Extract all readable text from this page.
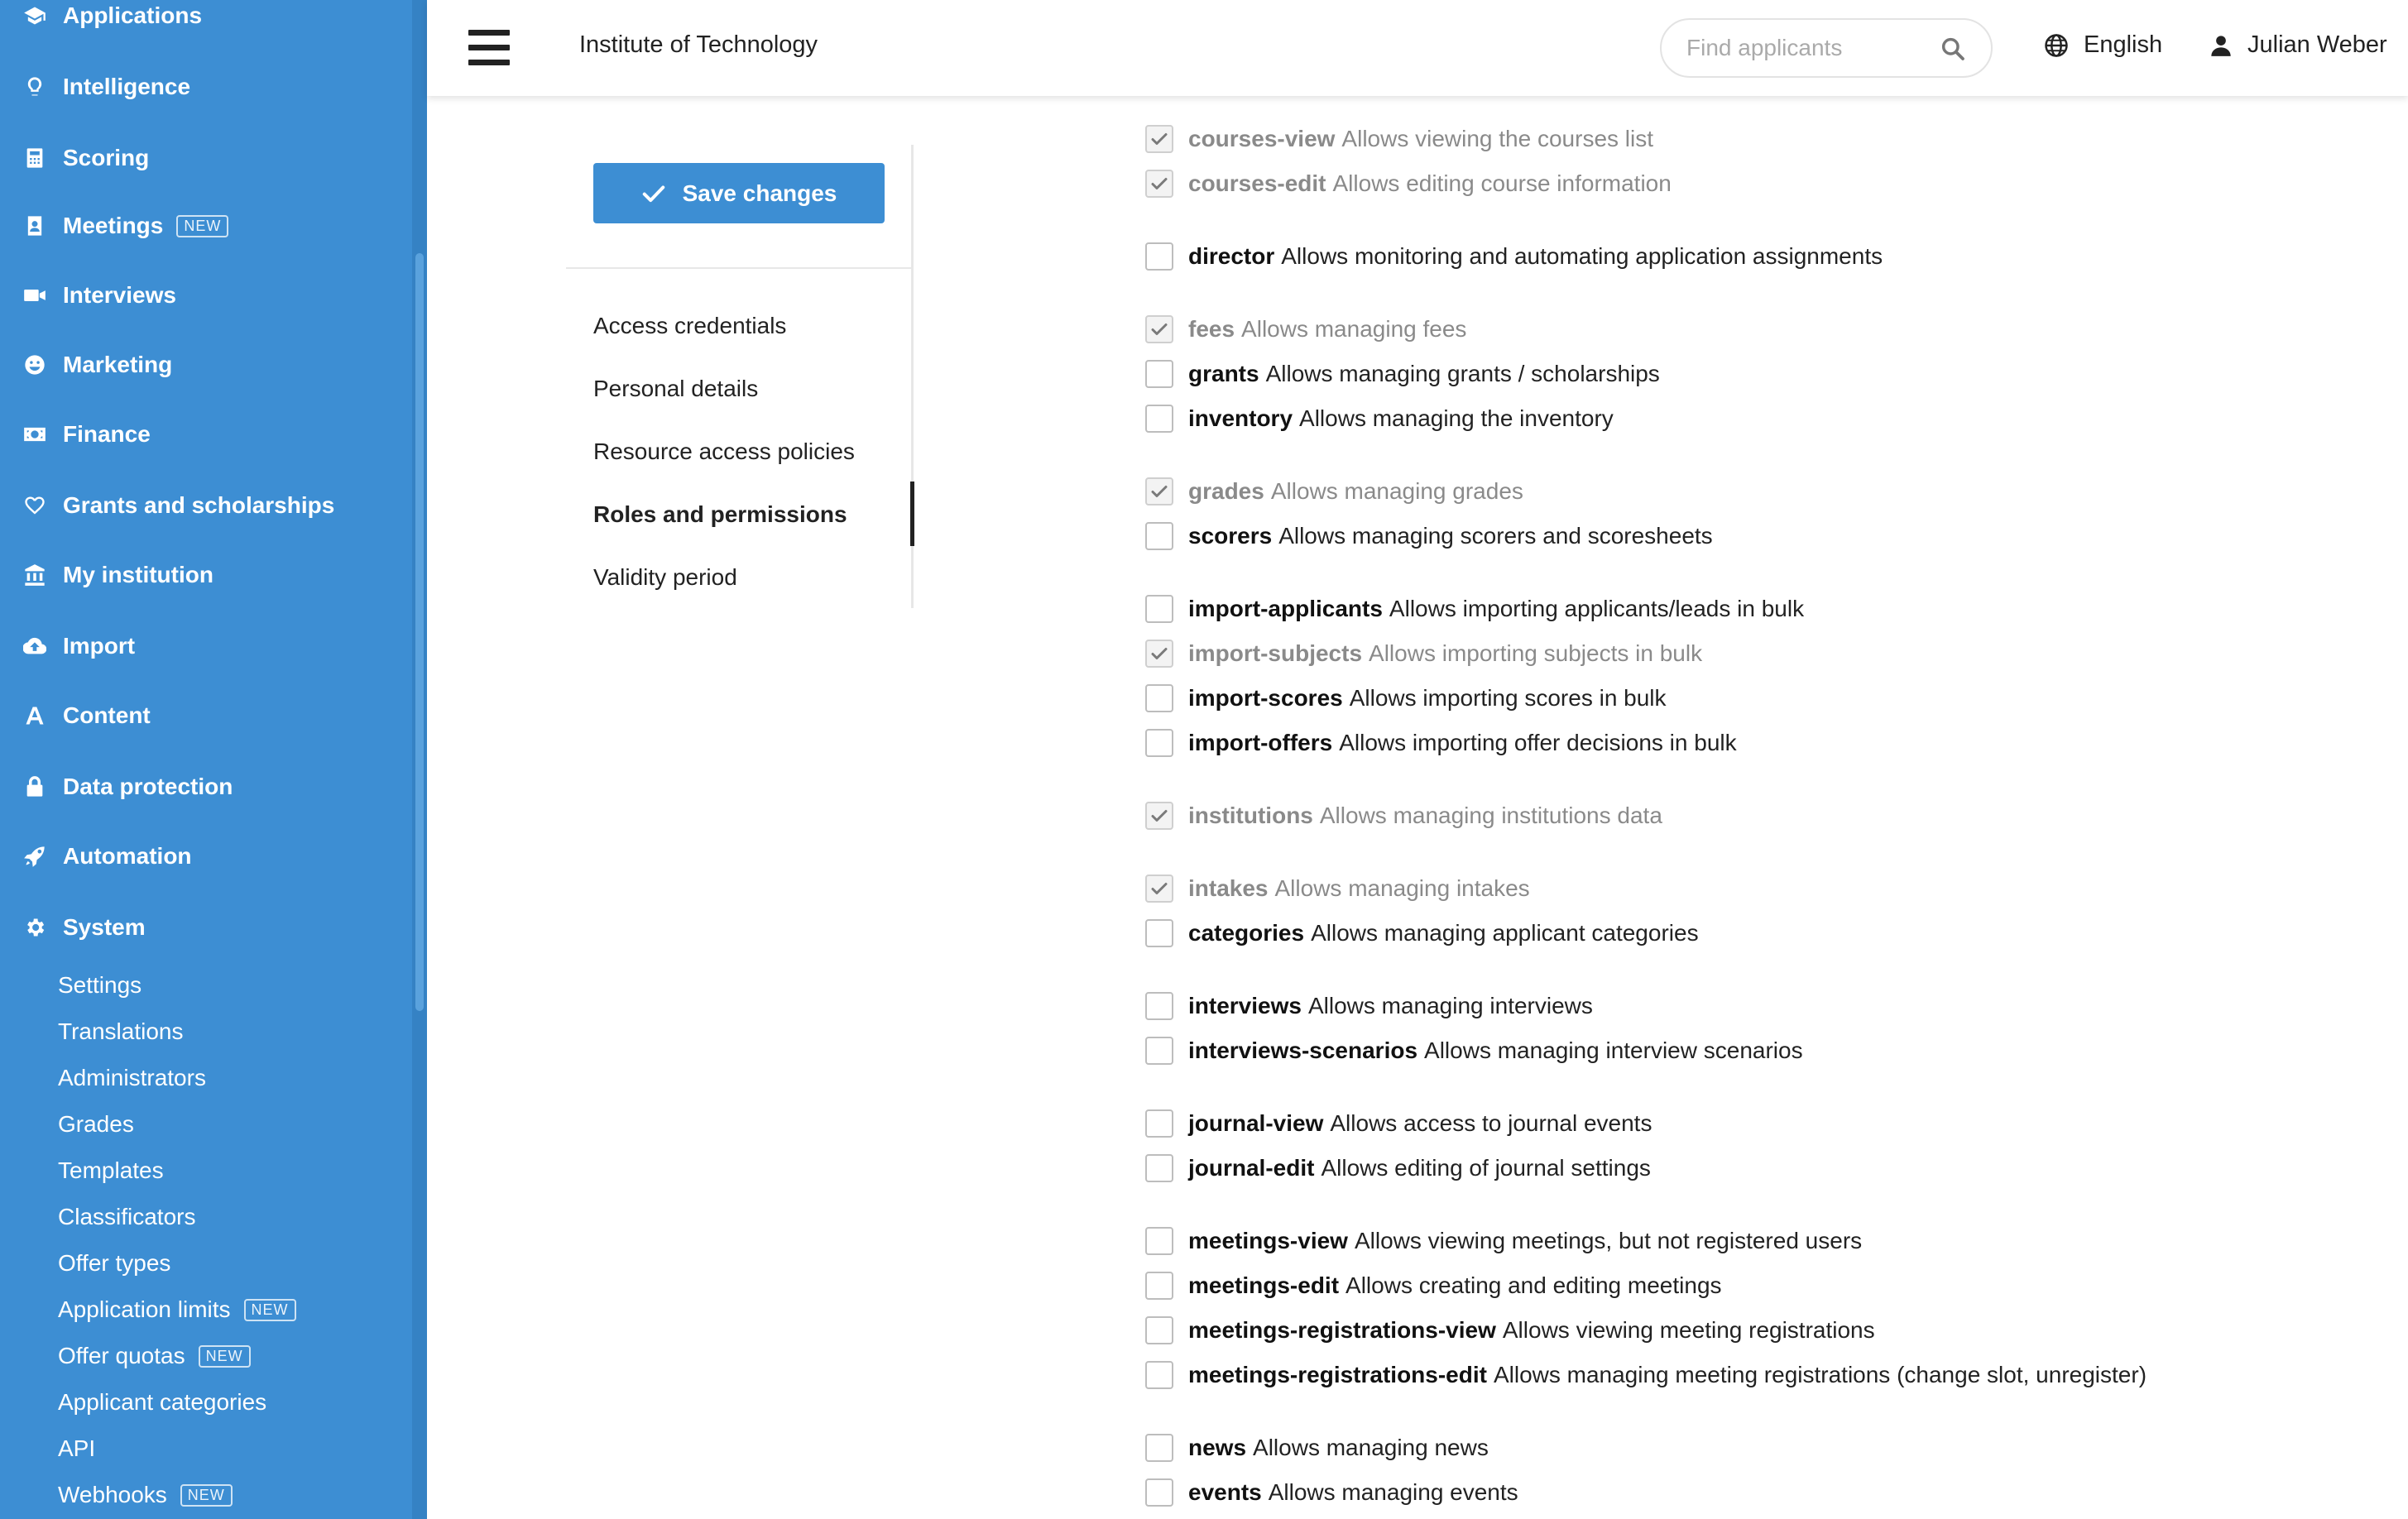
Applications
Intelligence
Scoring
Meetings	NEW
Interviews
Marketing
Finance
Grants and scholarships
My institution
Import
Content
Data protection
Automation
System
Settings
Translations
Administrators
Grades
Templates
Classificators
Offer types
Application limits	NEW
Offer quotas	NEW
Applicant categories
API
Webhooks	NEW
Institute of Technology
Find applicants	English	Julian Weber
Save changes
Access credentials
Personal details
Resource access policies
Roles and permissions
Validity period
courses-view Allows viewing the courses list
courses-edit Allows editing course information
director Allows monitoring and automating application assignments
fees Allows managing fees
grants Allows managing grants / scholarships
inventory Allows managing the inventory
grades Allows managing grades
scorers Allows managing scorers and scoresheets
import-applicants Allows importing applicants/leads in bulk
import-subjects Allows importing subjects in bulk
import-scores Allows importing scores in bulk
import-offers Allows importing offer decisions in bulk
institutions Allows managing institutions data
intakes Allows managing intakes
categories Allows managing applicant categories
interviews Allows managing interviews
interviews-scenarios Allows managing interview scenarios
journal-view Allows access to journal events
journal-edit Allows editing of journal settings
meetings-view Allows viewing meetings, but not registered users
meetings-edit Allows creating and editing meetings
meetings-registrations-view Allows viewing meeting registrations
meetings-registrations-edit Allows managing meeting registrations (change slot, unregister)
news Allows managing news
events Allows managing events
